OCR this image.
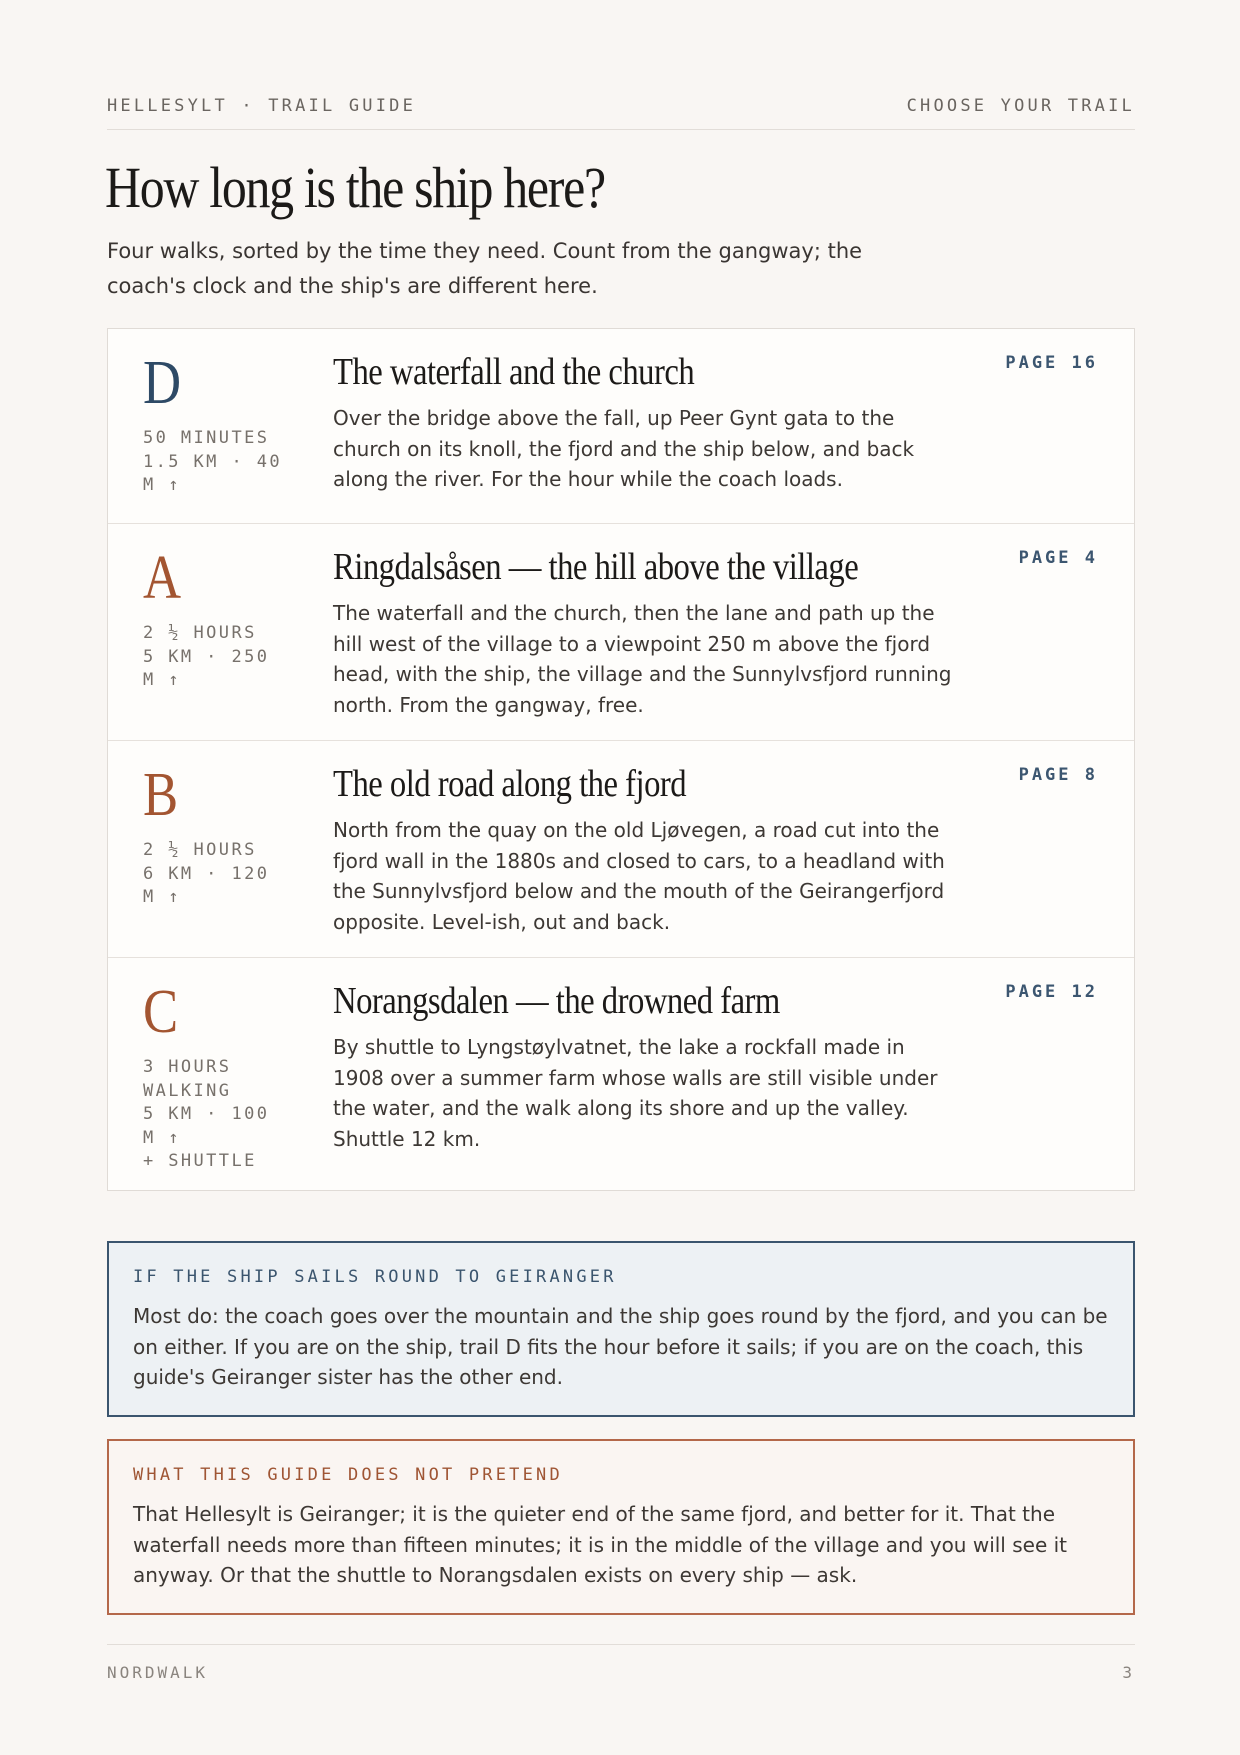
HELLESYLT · TRAIL GUIDE	CHOOSE YOUR TRAIL
How long is the ship here?

Four walks, sorted by the time they need. Count from the gangway; the coach's clock and the ship's are different here.

D
50 MINUTES
1.5 KM · 40
M ↑
The waterfall and the church

Over the bridge above the fall, up Peer Gynt gata to the church on its knoll, the fjord and the ship below, and back along the river. For the hour while the coach loads.

PAGE 16
A
2 ½ HOURS
5 KM · 250
M ↑
Ringdalsåsen — the hill above the village

The waterfall and the church, then the lane and path up the hill west of the village to a viewpoint 250 m above the fjord head, with the ship, the village and the Sunnylvsfjord running north. From the gangway, free.

PAGE 4
B
2 ½ HOURS
6 KM · 120
M ↑
The old road along the fjord

North from the quay on the old Ljøvegen, a road cut into the fjord wall in the 1880s and closed to cars, to a headland with the Sunnylvsfjord below and the mouth of the Geirangerfjord opposite. Level-ish, out and back.

PAGE 8
C
3 HOURS
WALKING
5 KM · 100
M ↑
+ SHUTTLE
Norangsdalen — the drowned farm

By shuttle to Lyngstøylvatnet, the lake a rockfall made in 1908 over a summer farm whose walls are still visible under the water, and the walk along its shore and up the valley. Shuttle 12 km.

PAGE 12
IF THE SHIP SAILS ROUND TO GEIRANGER

Most do: the coach goes over the mountain and the ship goes round by the fjord, and you can be on either. If you are on the ship, trail D fits the hour before it sails; if you are on the coach, this guide's Geiranger sister has the other end.

WHAT THIS GUIDE DOES NOT PRETEND

That Hellesylt is Geiranger; it is the quieter end of the same fjord, and better for it. That the waterfall needs more than fifteen minutes; it is in the middle of the village and you will see it anyway. Or that the shuttle to Norangsdalen exists on every ship — ask.

NORDWALK	3
